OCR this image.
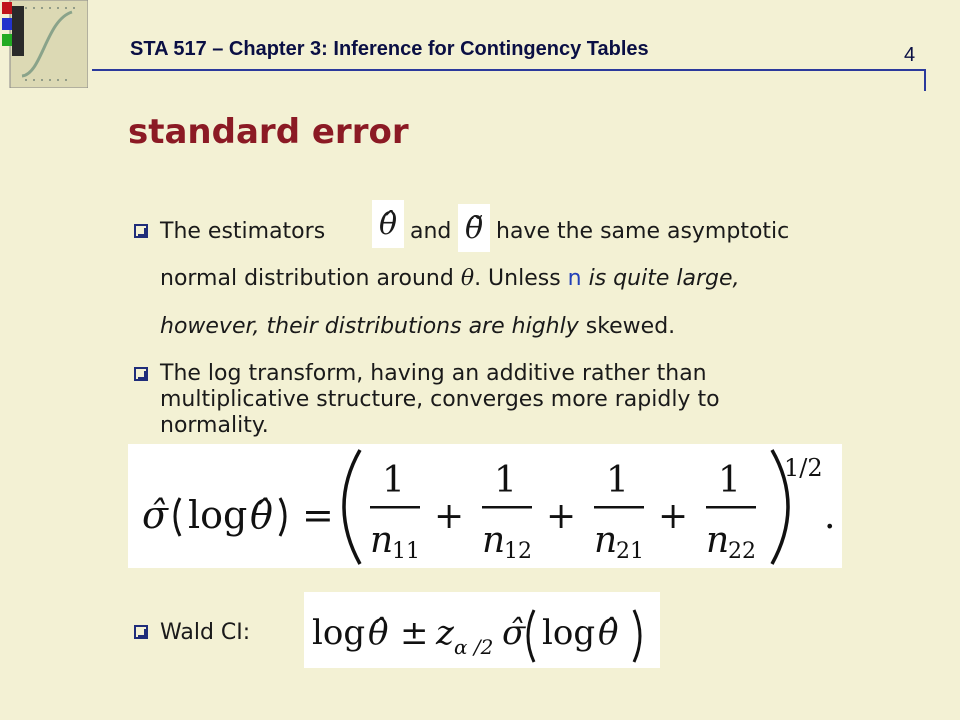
STA 517 – Chapter 3: Inference for Contingency Tables	4
standard error
The estimators θ̂ and θ̃ have the same asymptotic
normal distribution around θ. Unless n is quite large,
however, their distributions are highly skewed.
The log transform, having an additive rather than
multiplicative structure, converges more rapidly to
normality.
σ̂ log θ̂ =
1
n
11
+
1
n
12
+
1
n
21
+
1
n
22
1/2
.
Wald CI: log θ̂ ± z α /2 σ̂ log θ̂
